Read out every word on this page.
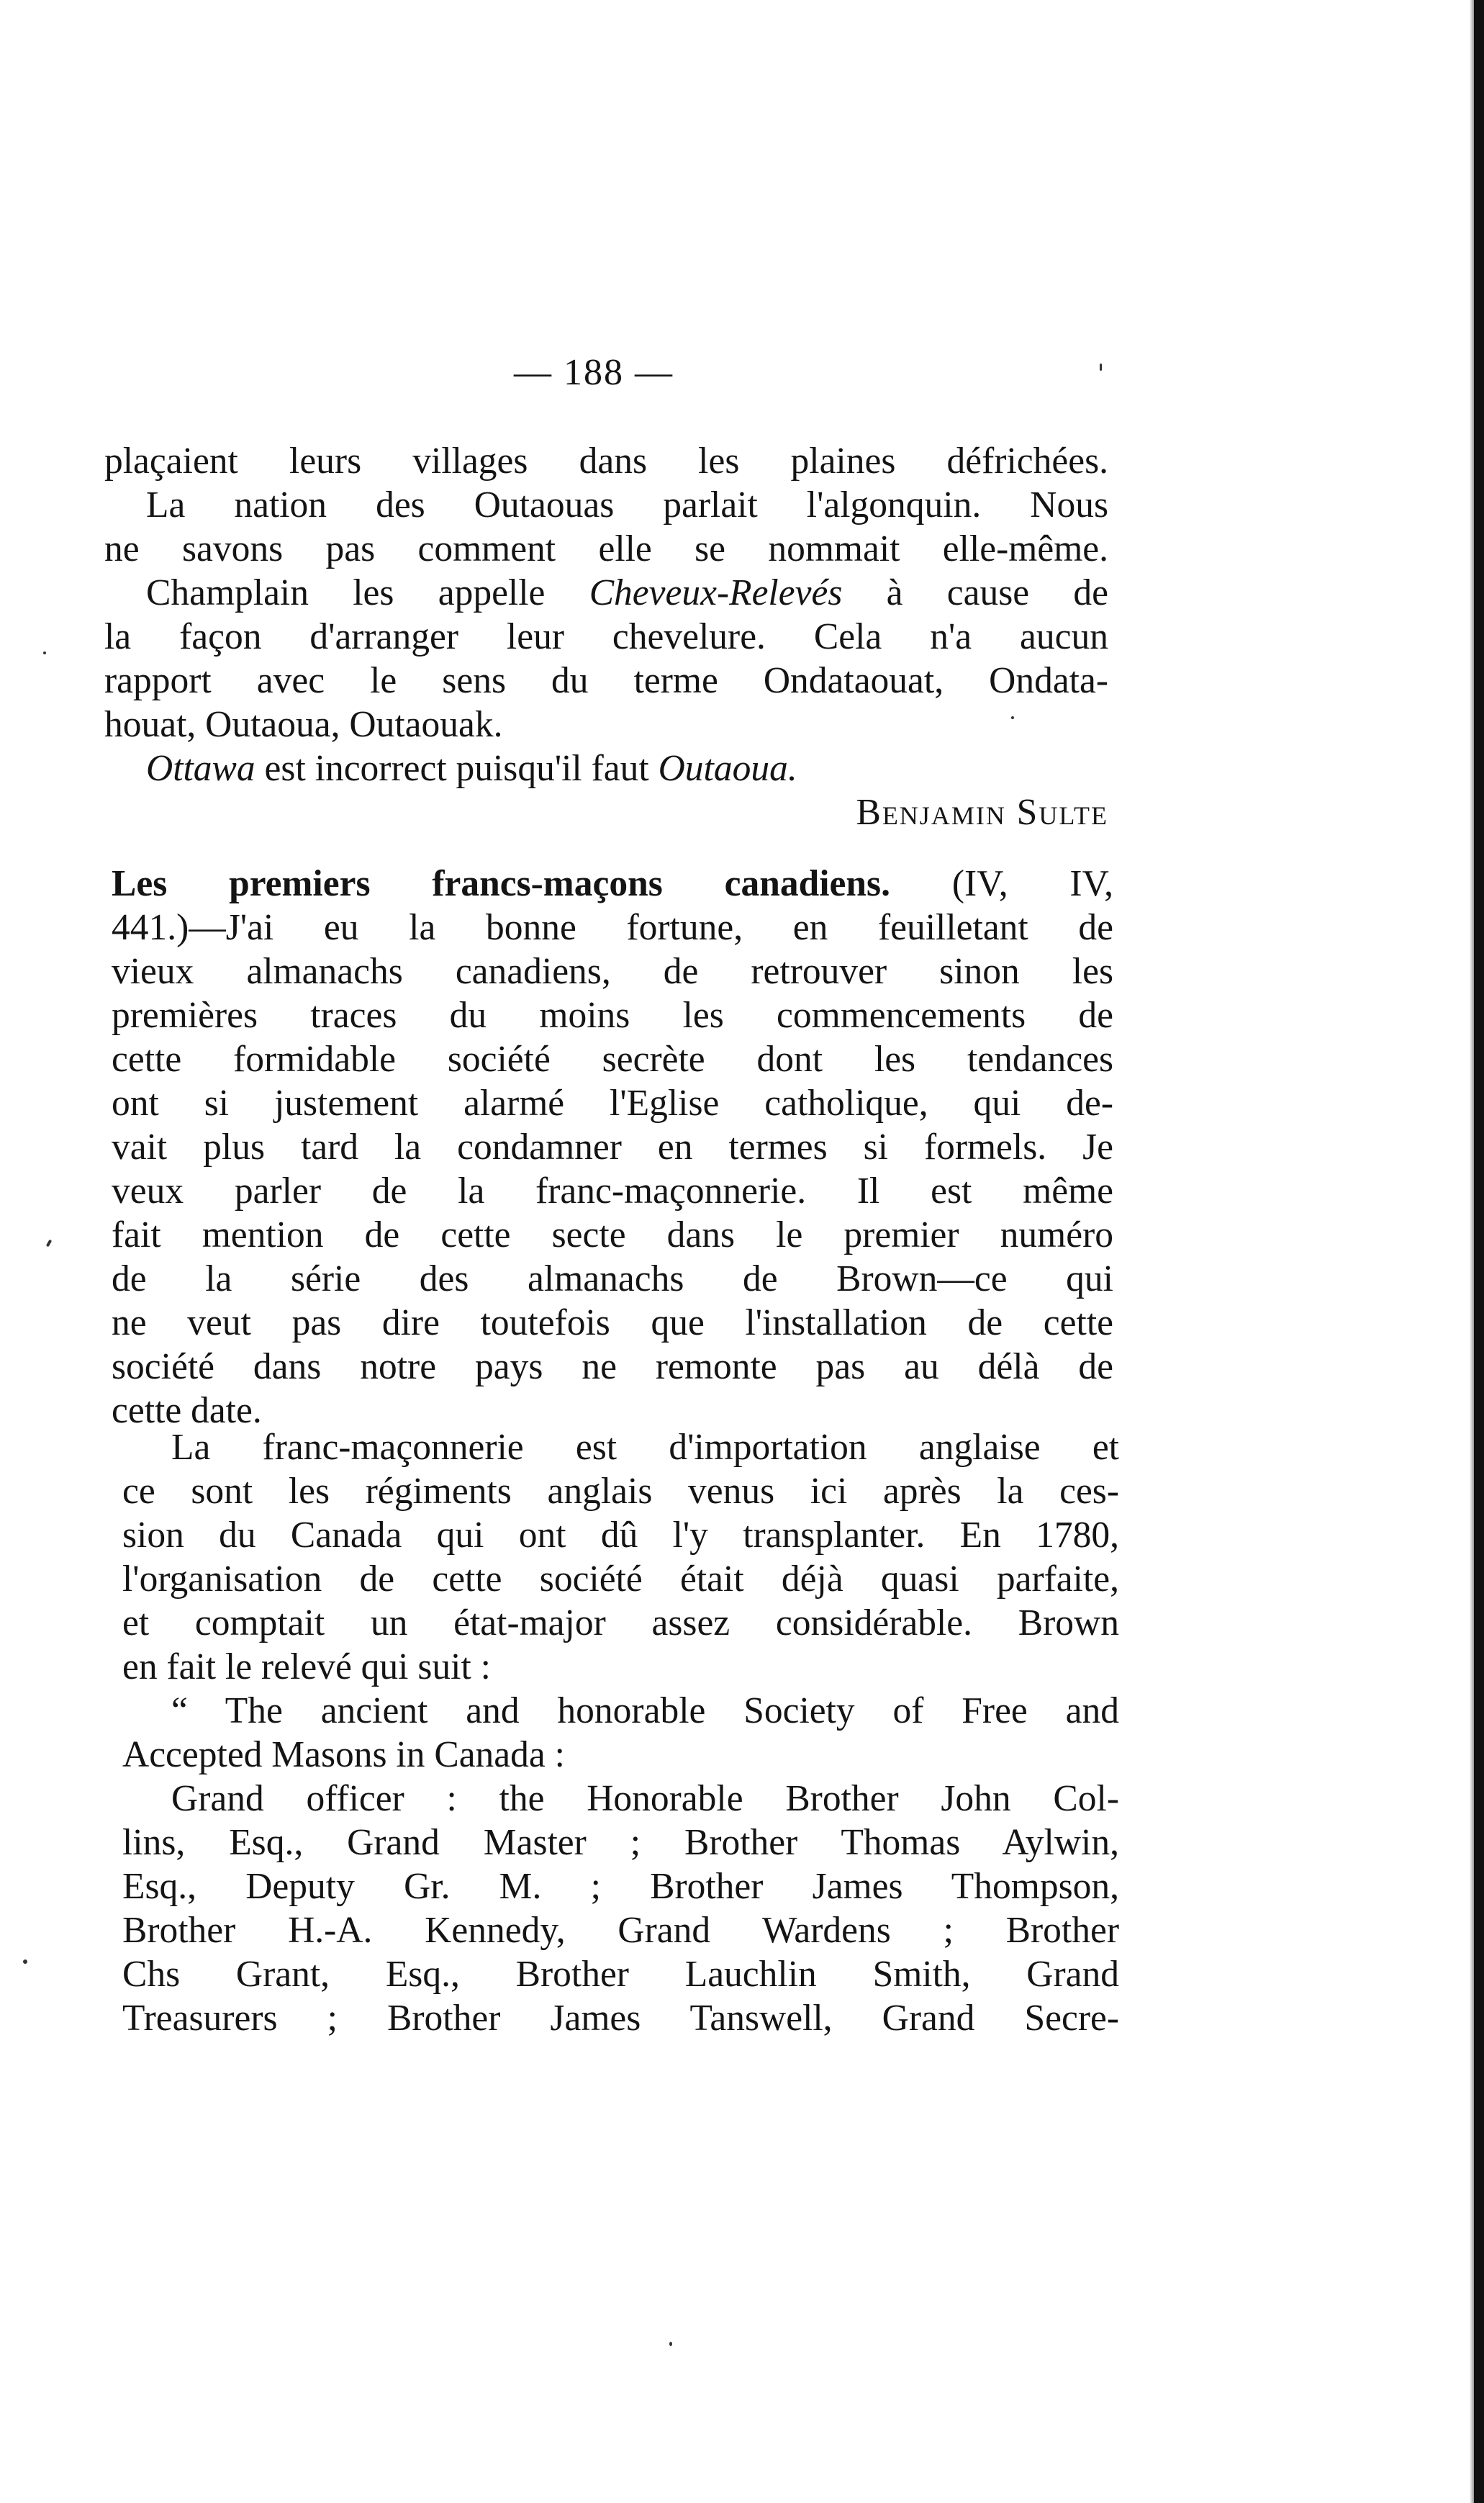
— 188 —
plaçaient leurs villages dans les plaines défrichées.
La nation des Outaouas parlait l'algonquin. Nous
ne savons pas comment elle se nommait elle-même.
Champlain les appelle Cheveux-Relevés à cause de
la façon d'arranger leur chevelure. Cela n'a aucun
rapport avec le sens du terme Ondataouat, Ondata-
houat, Outaoua, Outaouak.
Ottawa est incorrect puisqu'il faut Outaoua.
Benjamin Sulte
Les premiers francs-maçons canadiens. (IV, IV,
441.)—J'ai eu la bonne fortune, en feuilletant de
vieux almanachs canadiens, de retrouver sinon les
premières traces du moins les commencements de
cette formidable société secrète dont les tendances
ont si justement alarmé l'Eglise catholique, qui de-
vait plus tard la condamner en termes si formels. Je
veux parler de la franc-maçonnerie. Il est même
fait mention de cette secte dans le premier numéro
de la série des almanachs de Brown—ce qui
ne veut pas dire toutefois que l'installation de cette
société dans notre pays ne remonte pas au délà de
cette date.
La franc-maçonnerie est d'importation anglaise et
ce sont les régiments anglais venus ici après la ces-
sion du Canada qui ont dû l'y transplanter. En 1780,
l'organisation de cette société était déjà quasi parfaite,
et comptait un état-major assez considérable. Brown
en fait le relevé qui suit :
“ The ancient and honorable Society of Free and
Accepted Masons in Canada :
Grand officer : the Honorable Brother John Col-
lins, Esq., Grand Master ; Brother Thomas Aylwin,
Esq., Deputy Gr. M. ; Brother James Thompson,
Brother H.-A. Kennedy, Grand Wardens ; Brother
Chs Grant, Esq., Brother Lauchlin Smith, Grand
Treasurers ; Brother James Tanswell, Grand Secre-
